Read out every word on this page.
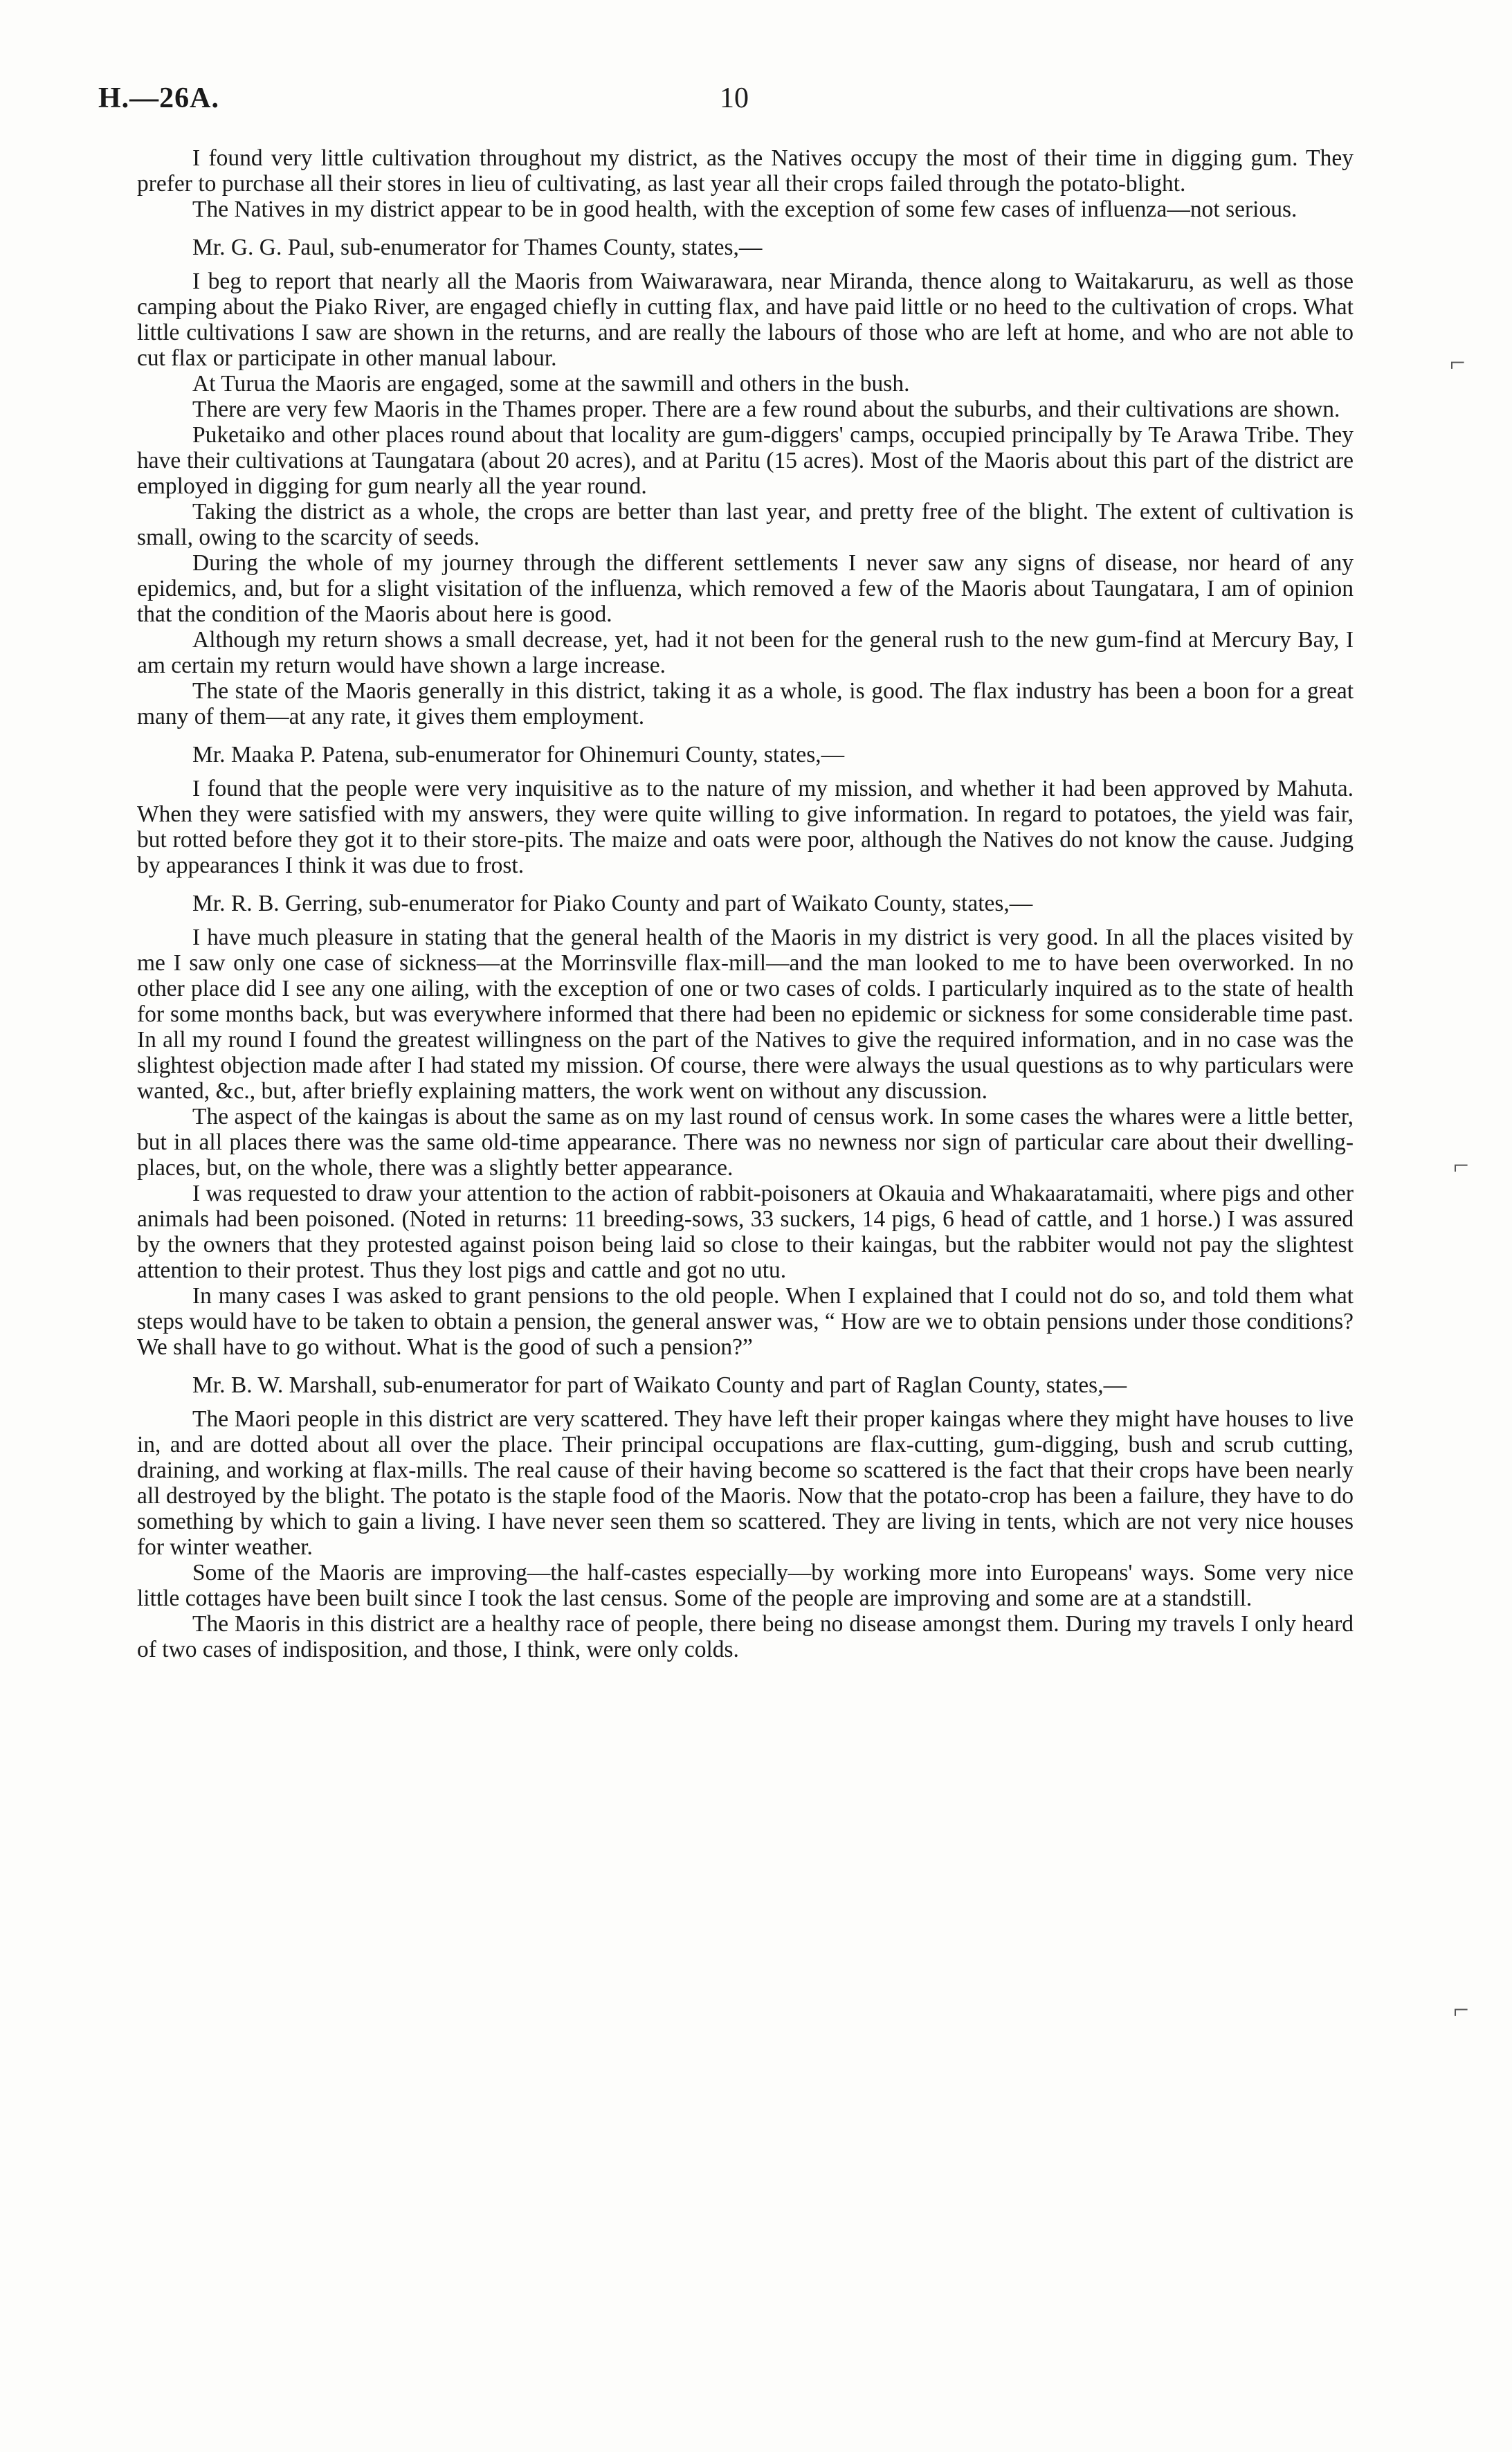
H.—26A.	10
⌐
⌐
⌐

I found very little cultivation throughout my district, as the Natives occupy the most of their time in digging gum. They prefer to purchase all their stores in lieu of cultivating, as last year all their crops failed through the potato-blight.

The Natives in my district appear to be in good health, with the exception of some few cases of influenza—not serious.

Mr. G. G. Paul, sub-enumerator for Thames County, states,—

I beg to report that nearly all the Maoris from Waiwarawara, near Miranda, thence along to Waitakaruru, as well as those camping about the Piako River, are engaged chiefly in cutting flax, and have paid little or no heed to the cultivation of crops. What little cultivations I saw are shown in the returns, and are really the labours of those who are left at home, and who are not able to cut flax or participate in other manual labour.

At Turua the Maoris are engaged, some at the sawmill and others in the bush.

There are very few Maoris in the Thames proper. There are a few round about the suburbs, and their cultivations are shown.

Puketaiko and other places round about that locality are gum-diggers' camps, occupied principally by Te Arawa Tribe. They have their cultivations at Taungatara (about 20 acres), and at Paritu (15 acres). Most of the Maoris about this part of the district are employed in digging for gum nearly all the year round.

Taking the district as a whole, the crops are better than last year, and pretty free of the blight. The extent of cultivation is small, owing to the scarcity of seeds.

During the whole of my journey through the different settlements I never saw any signs of disease, nor heard of any epidemics, and, but for a slight visitation of the influenza, which removed a few of the Maoris about Taungatara, I am of opinion that the condition of the Maoris about here is good.

Although my return shows a small decrease, yet, had it not been for the general rush to the new gum-find at Mercury Bay, I am certain my return would have shown a large increase.

The state of the Maoris generally in this district, taking it as a whole, is good. The flax industry has been a boon for a great many of them—at any rate, it gives them employment.

Mr. Maaka P. Patena, sub-enumerator for Ohinemuri County, states,—

I found that the people were very inquisitive as to the nature of my mission, and whether it had been approved by Mahuta. When they were satisfied with my answers, they were quite willing to give information. In regard to potatoes, the yield was fair, but rotted before they got it to their store-pits. The maize and oats were poor, although the Natives do not know the cause. Judging by appearances I think it was due to frost.

Mr. R. B. Gerring, sub-enumerator for Piako County and part of Waikato County, states,—

I have much pleasure in stating that the general health of the Maoris in my district is very good. In all the places visited by me I saw only one case of sickness—at the Morrinsville flax-mill—and the man looked to me to have been overworked. In no other place did I see any one ailing, with the exception of one or two cases of colds. I particularly inquired as to the state of health for some months back, but was everywhere informed that there had been no epidemic or sickness for some considerable time past. In all my round I found the greatest willingness on the part of the Natives to give the required information, and in no case was the slightest objection made after I had stated my mission. Of course, there were always the usual questions as to why particulars were wanted, &c., but, after briefly explaining matters, the work went on without any discussion.

The aspect of the kaingas is about the same as on my last round of census work. In some cases the whares were a little better, but in all places there was the same old-time appearance. There was no newness nor sign of particular care about their dwelling-places, but, on the whole, there was a slightly better appearance.

I was requested to draw your attention to the action of rabbit-poisoners at Okauia and Whakaaratamaiti, where pigs and other animals had been poisoned. (Noted in returns: 11 breeding-sows, 33 suckers, 14 pigs, 6 head of cattle, and 1 horse.) I was assured by the owners that they protested against poison being laid so close to their kaingas, but the rabbiter would not pay the slightest attention to their protest. Thus they lost pigs and cattle and got no utu.

In many cases I was asked to grant pensions to the old people. When I explained that I could not do so, and told them what steps would have to be taken to obtain a pension, the general answer was, “ How are we to obtain pensions under those conditions? We shall have to go without. What is the good of such a pension?”

Mr. B. W. Marshall, sub-enumerator for part of Waikato County and part of Raglan County, states,—

The Maori people in this district are very scattered. They have left their proper kaingas where they might have houses to live in, and are dotted about all over the place. Their principal occupations are flax-cutting, gum-digging, bush and scrub cutting, draining, and working at flax-mills. The real cause of their having become so scattered is the fact that their crops have been nearly all destroyed by the blight. The potato is the staple food of the Maoris. Now that the potato-crop has been a failure, they have to do something by which to gain a living. I have never seen them so scattered. They are living in tents, which are not very nice houses for winter weather.

Some of the Maoris are improving—the half-castes especially—by working more into Europeans' ways. Some very nice little cottages have been built since I took the last census. Some of the people are improving and some are at a standstill.

The Maoris in this district are a healthy race of people, there being no disease amongst them. During my travels I only heard of two cases of indisposition, and those, I think, were only colds.
